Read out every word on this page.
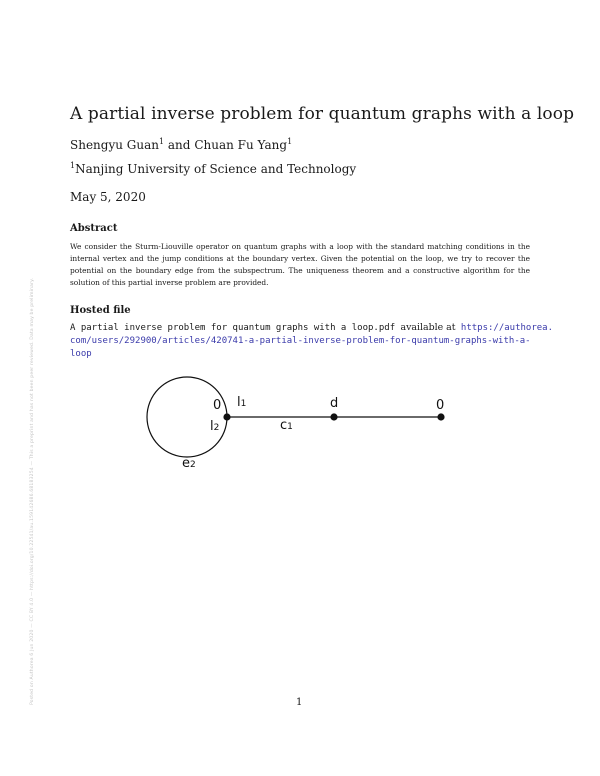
A partial inverse problem for quantum graphs with a loop
Shengyu Guan$^1$ and Chuan Fu Yang$^1$
$^1$Nanjing University of Science and Technology
May 5, 2020
Abstract

We consider the Sturm-Liouville operator on quantum graphs with a loop with the standard matching conditions in the internal vertex and the jump conditions at the boundary vertex. Given the potential on the loop, we try to recover the potential on the boundary edge from the subspectrum. The uniqueness theorem and a constructive algorithm for the solution of this partial inverse problem are provided.

Hosted file
A partial inverse problem for quantum graphs with a loop.pdf available at https://authorea.
com/users/292900/articles/420741-a-partial-inverse-problem-for-quantum-graphs-with-a-
loop
0 l1	d	0
l2	c1
e2
Posted on Authorea 6 Jun 2020 — CC BY 4.0 — https://doi.org/10.22541/au.159142686.68183254 — This a preprint and has not been peer reviewed. Data may be preliminary.	1
